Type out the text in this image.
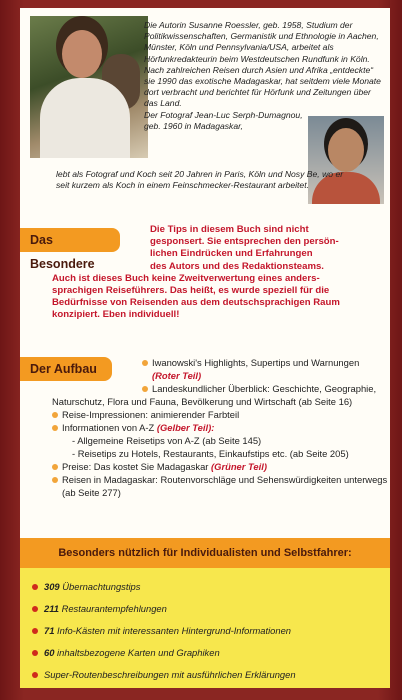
Die Autorin Susanne Roessler, geb. 1958, Studium der Politikwissenschaften, Germanistik und Ethnologie in Aachen, Münster, Köln und Pennsylvania/USA, arbeitet als Hörfunkredakteurin beim Westdeutschen Rundfunk in Köln. Nach zahlreichen Reisen durch Asien und Afrika „entdeckte“ sie 1990 das exotische Madagaskar, hat seitdem viele Monate dort verbracht und berichtet für Hörfunk und Zeitungen über das Land.
Der Fotograf Jean-Luc Serph-Dumagnou, geb. 1960 in Madagaskar,
lebt als Fotograf und Koch seit 20 Jahren in Paris, Köln und Nosy Be, wo er seit kurzem als Koch in einem Feinschmecker-Restaurant arbeitet.
Das Besondere
Die Tips in diesem Buch sind nicht
gesponsert. Sie entsprechen den persön-
lichen Eindrücken und Erfahrungen
des Autors und des Redaktionsteams.
Auch ist dieses Buch keine Zweitverwertung eines anders-
sprachigen Reiseführers. Das heißt, es wurde speziell für die
Bedürfnisse von Reisenden aus dem deutschsprachigen Raum
konzipiert. Eben individuell!
Der Aufbau	Iwanowski's Highlights, Supertips und Warnungen
(Roter Teil)
Landeskundlicher Überblick: Geschichte, Geographie, Naturschutz, Flora und Fauna, Bevölkerung und Wirtschaft (ab Seite 16)
Reise-Impressionen: animierender Farbteil
Informationen von A-Z (Gelber Teil):
- Allgemeine Reisetips von A-Z (ab Seite 145)
- Reisetips zu Hotels, Restaurants, Einkaufstips etc. (ab Seite 205)
Preise: Das kostet Sie Madagaskar (Grüner Teil)
Reisen in Madagaskar: Routenvorschläge und Sehenswürdigkeiten unterwegs (ab Seite 277)
Besonders nützlich für Individualisten und Selbstfahrer:
309 Übernachtungstips
211 Restaurantempfehlungen
71 Info-Kästen mit interessanten Hintergrund-Informationen
60 inhaltsbezogene Karten und Graphiken
Super-Routenbeschreibungen mit ausführlichen Erklärungen
